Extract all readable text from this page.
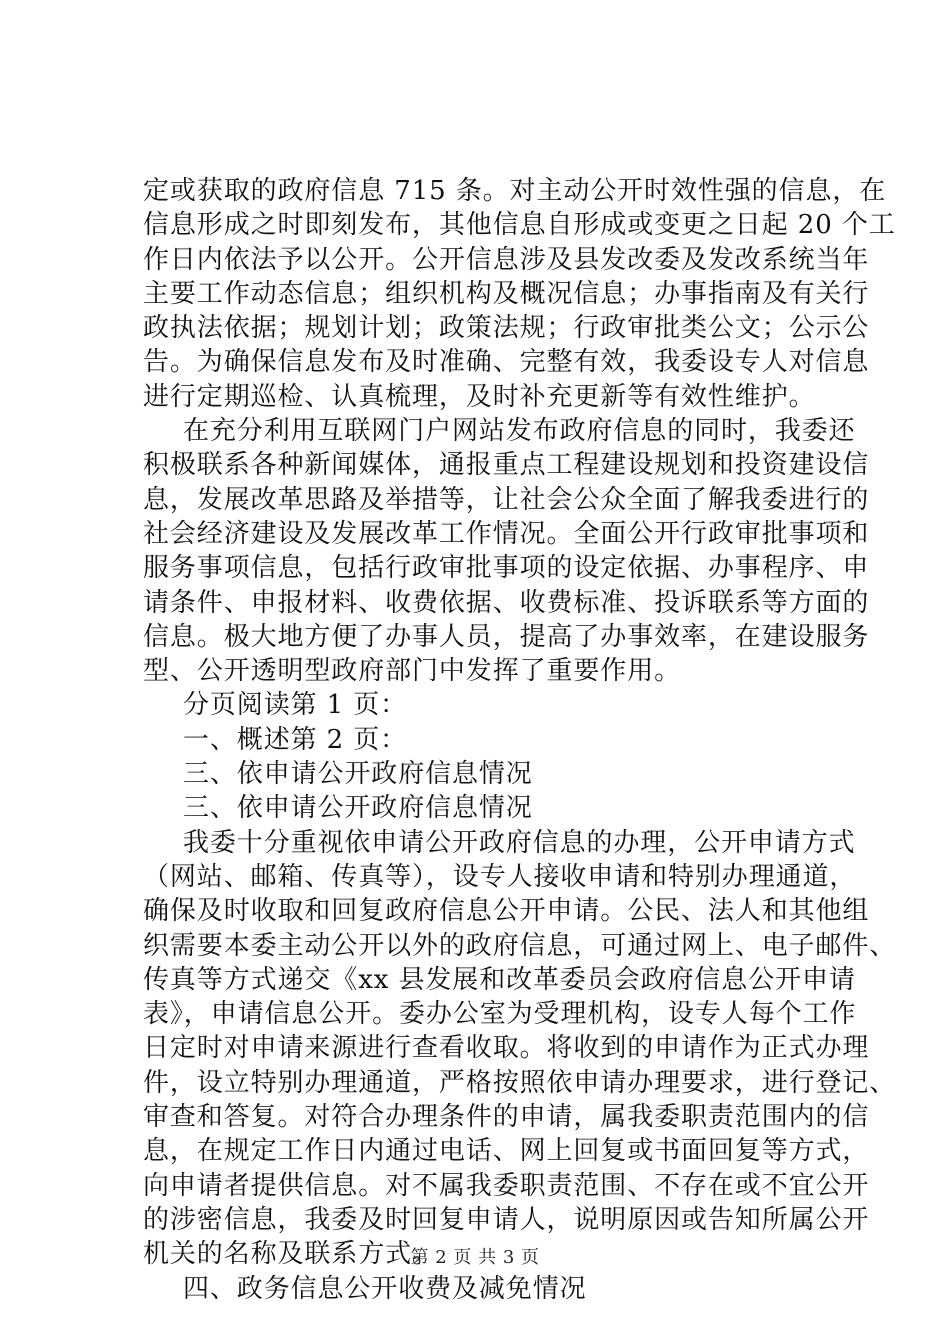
定或获取的政府信息 715 条。对主动公开时效性强的信息，在
信息形成之时即刻发布，其他信息自形成或变更之日起 20 个工
作日内依法予以公开。公开信息涉及县发改委及发改系统当年
主要工作动态信息；组织机构及概况信息；办事指南及有关行
政执法依据；规划计划；政策法规；行政审批类公文；公示公
告。为确保信息发布及时准确、完整有效，我委设专人对信息
进行定期巡检、认真梳理，及时补充更新等有效性维护。
在充分利用互联网门户网站发布政府信息的同时，我委还
积极联系各种新闻媒体，通报重点工程建设规划和投资建设信
息，发展改革思路及举措等，让社会公众全面了解我委进行的
社会经济建设及发展改革工作情况。全面公开行政审批事项和
服务事项信息，包括行政审批事项的设定依据、办事程序、申
请条件、申报材料、收费依据、收费标准、投诉联系等方面的
信息。极大地方便了办事人员，提高了办事效率，在建设服务
型、公开透明型政府部门中发挥了重要作用。
分页阅读第 1 页：
一、概述第 2 页：
三、依申请公开政府信息情况
三、依申请公开政府信息情况
我委十分重视依申请公开政府信息的办理，公开申请方式
（网站、邮箱、传真等），设专人接收申请和特别办理通道，
确保及时收取和回复政府信息公开申请。公民、法人和其他组
织需要本委主动公开以外的政府信息，可通过网上、电子邮件、
传真等方式递交《xx 县发展和改革委员会政府信息公开申请
表》，申请信息公开。委办公室为受理机构，设专人每个工作
日定时对申请来源进行查看收取。将收到的申请作为正式办理
件，设立特别办理通道，严格按照依申请办理要求，进行登记、
审查和答复。对符合办理条件的申请，属我委职责范围内的信
息，在规定工作日内通过电话、网上回复或书面回复等方式，
向申请者提供信息。对不属我委职责范围、不存在或不宜公开
的涉密信息，我委及时回复申请人，说明原因或告知所属公开
机关的名称及联系方式。
四、政务信息公开收费及减免情况
第 2 页 共 3 页
